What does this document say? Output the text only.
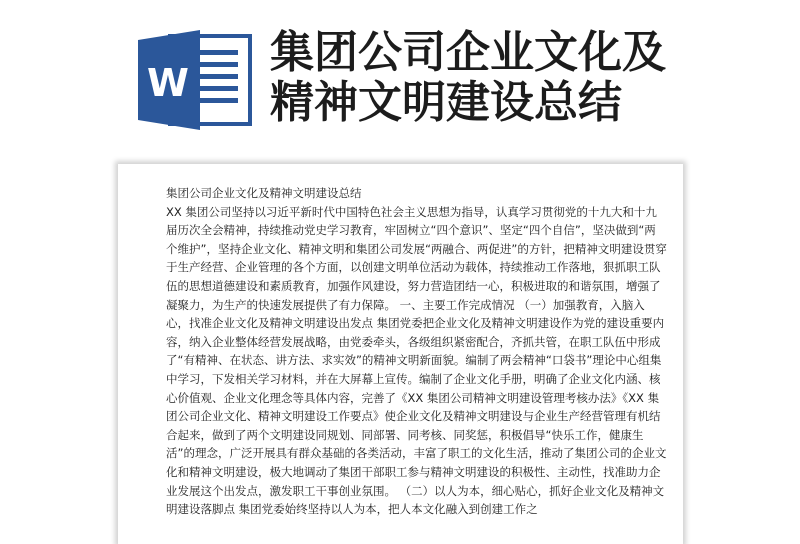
W
集团公司企业文化及
精神文明建设总结

集团公司企业文化及精神文明建设总结

XX 集团公司坚持以习近平新时代中国特色社会主义思想为指导，认真学习贯彻党的十九大和十九届历次全会精神，持续推动党史学习教育，牢固树立“四个意识”、坚定“四个自信”，坚决做到“两个维护”，坚持企业文化、精神文明和集团公司发展“两融合、两促进”的方针，把精神文明建设贯穿于生产经营、企业管理的各个方面，以创建文明单位活动为载体，持续推动工作落地，狠抓职工队伍的思想道德建设和素质教育，加强作风建设，努力营造团结一心，积极进取的和谐氛围，增强了凝聚力，为生产的快速发展提供了有力保障。 一、主要工作完成情况 （一）加强教育，入脑入心，找准企业文化及精神文明建设出发点 集团党委把企业文化及精神文明建设作为党的建设重要内容，纳入企业整体经营发展战略，由党委牵头，各级组织紧密配合，齐抓共管，在职工队伍中形成了“有精神、在状态、讲方法、求实效”的精神文明新面貌。编制了两会精神“口袋书”理论中心组集中学习，下发相关学习材料，并在大屏幕上宣传。编制了企业文化手册，明确了企业文化内涵、核心价值观、企业文化理念等具体内容，完善了《XX 集团公司精神文明建设管理考核办法》《XX 集团公司企业文化、精神文明建设工作要点》使企业文化及精神文明建设与企业生产经营管理有机结合起来，做到了两个文明建设同规划、同部署、同考核、同奖惩，积极倡导“快乐工作，健康生活”的理念，广泛开展具有群众基础的各类活动，丰富了职工的文化生活，推动了集团公司的企业文化和精神文明建设，极大地调动了集团干部职工参与精神文明建设的积极性、主动性，找准助力企业发展这个出发点，激发职工干事创业氛围。 （二）以人为本，细心贴心，抓好企业文化及精神文明建设落脚点 集团党委始终坚持以人为本，把人本文化融入到创建工作之
